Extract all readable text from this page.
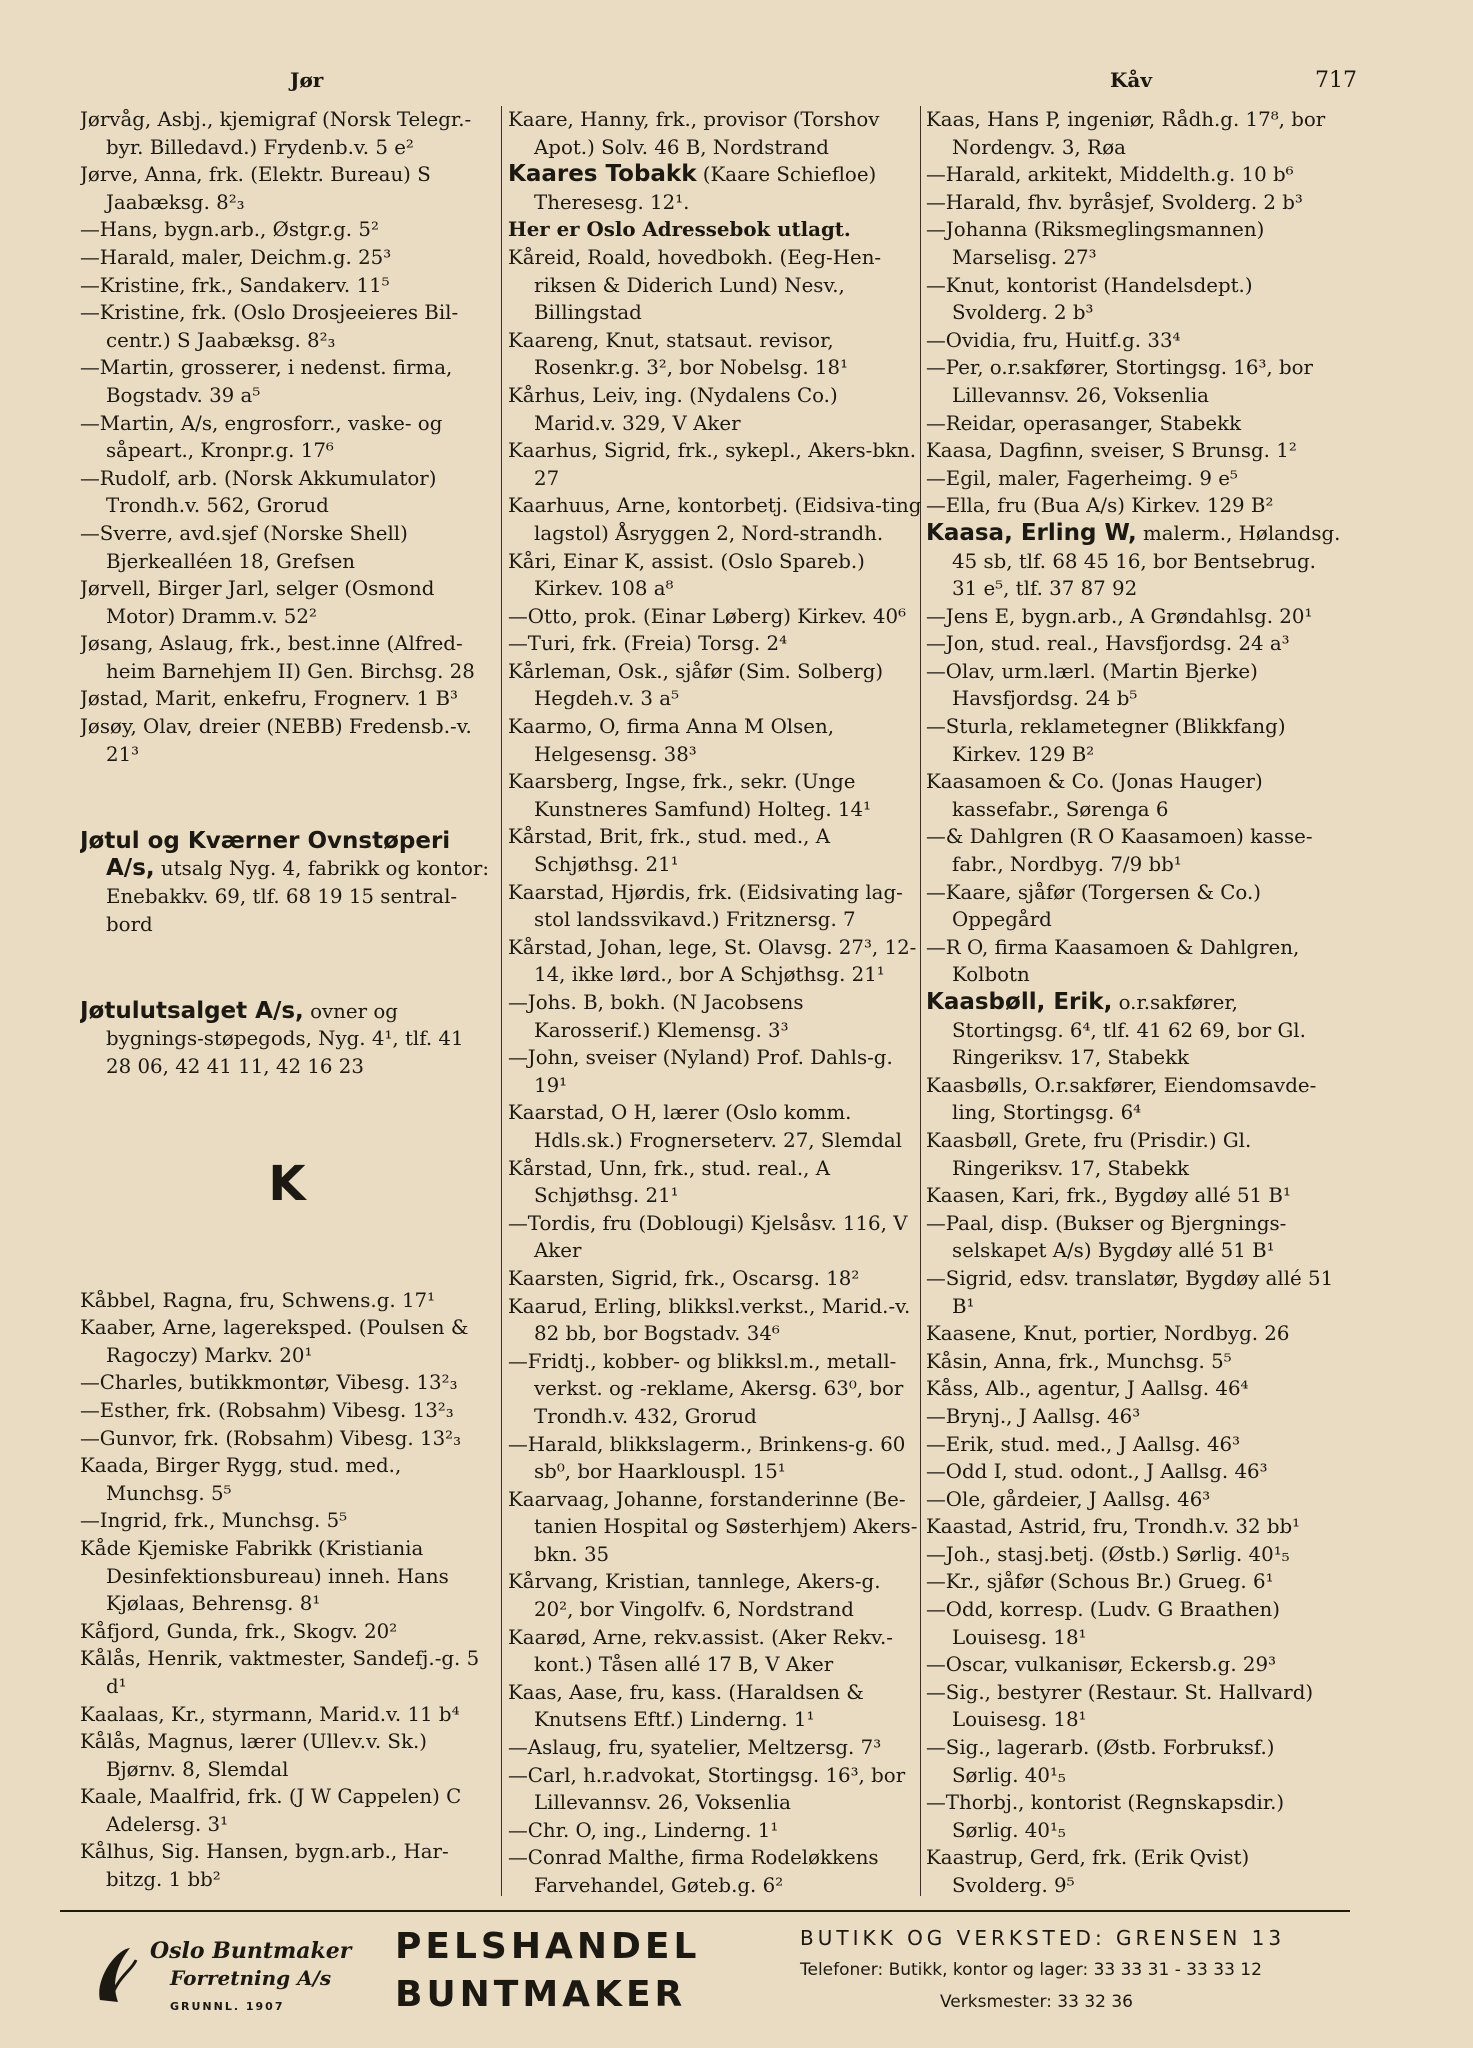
Jør	Kåv	717

Jørvåg, Asbj., kjemigraf (Norsk Telegr.-byr. Billedavd.) Frydenb.v. 5 e²

Jørve, Anna, frk. (Elektr. Bureau) S Jaabæksg. 8²₃

—Hans, bygn.arb., Østgr.g. 5²

—Harald, maler, Deichm.g. 25³

—Kristine, frk., Sandakerv. 11⁵

—Kristine, frk. (Oslo Drosjeeieres Bil-centr.) S Jaabæksg. 8²₃

—Martin, grosserer, i nedenst. firma, Bogstadv. 39 a⁵

—Martin, A/s, engrosforr., vaske- og såpeart., Kronpr.g. 17⁶

—Rudolf, arb. (Norsk Akkumulator) Trondh.v. 562, Grorud

—Sverre, avd.sjef (Norske Shell) Bjerkealléen 18, Grefsen

Jørvell, Birger Jarl, selger (Osmond Motor) Dramm.v. 52²

Jøsang, Aslaug, frk., best.inne (Alfred-heim Barnehjem II) Gen. Birchsg. 28

Jøstad, Marit, enkefru, Frognerv. 1 B³

Jøsøy, Olav, dreier (NEBB) Fredensb.-v. 21³

Jøtul og Kværner Ovnstøperi A/s, utsalg Nyg. 4, fabrikk og kontor: Enebakkv. 69, tlf. 68 19 15 sentral-bord

Jøtulutsalget A/s, ovner og bygnings-støpegods, Nyg. 4¹, tlf. 41 28 06, 42 41 11, 42 16 23

K

Kåbbel, Ragna, fru, Schwens.g. 17¹

Kaaber, Arne, lagereksped. (Poulsen & Ragoczy) Markv. 20¹

—Charles, butikkmontør, Vibesg. 13²₃

—Esther, frk. (Robsahm) Vibesg. 13²₃

—Gunvor, frk. (Robsahm) Vibesg. 13²₃

Kaada, Birger Rygg, stud. med., Munchsg. 5⁵

—Ingrid, frk., Munchsg. 5⁵

Kåde Kjemiske Fabrikk (Kristiania Desinfektionsbureau) inneh. Hans Kjølaas, Behrensg. 8¹

Kåfjord, Gunda, frk., Skogv. 20²

Kålås, Henrik, vaktmester, Sandefj.-g. 5 d¹

Kaalaas, Kr., styrmann, Marid.v. 11 b⁴

Kålås, Magnus, lærer (Ullev.v. Sk.) Bjørnv. 8, Slemdal

Kaale, Maalfrid, frk. (J W Cappelen) C Adelersg. 3¹

Kålhus, Sig. Hansen, bygn.arb., Har-bitzg. 1 bb²

Kaare, Hanny, frk., provisor (Torshov Apot.) Solv. 46 B, Nordstrand

Kaares Tobakk (Kaare Schiefloe) Theresesg. 12¹.

Her er Oslo Adressebok utlagt.

Kåreid, Roald, hovedbokh. (Eeg-Hen-riksen & Diderich Lund) Nesv., Billingstad

Kaareng, Knut, statsaut. revisor, Rosenkr.g. 3², bor Nobelsg. 18¹

Kårhus, Leiv, ing. (Nydalens Co.) Marid.v. 329, V Aker

Kaarhus, Sigrid, frk., sykepl., Akers-bkn. 27

Kaarhuus, Arne, kontorbetj. (Eidsiva-ting lagstol) Åsryggen 2, Nord-strandh.

Kåri, Einar K, assist. (Oslo Spareb.) Kirkev. 108 a⁸

—Otto, prok. (Einar Løberg) Kirkev. 40⁶

—Turi, frk. (Freia) Torsg. 2⁴

Kårleman, Osk., sjåfør (Sim. Solberg) Hegdeh.v. 3 a⁵

Kaarmo, O, firma Anna M Olsen, Helgesensg. 38³

Kaarsberg, Ingse, frk., sekr. (Unge Kunstneres Samfund) Holteg. 14¹

Kårstad, Brit, frk., stud. med., A Schjøthsg. 21¹

Kaarstad, Hjørdis, frk. (Eidsivating lag-stol landssvikavd.) Fritznersg. 7

Kårstad, Johan, lege, St. Olavsg. 27³, 12-14, ikke lørd., bor A Schjøthsg. 21¹

—Johs. B, bokh. (N Jacobsens Karosserif.) Klemensg. 3³

—John, sveiser (Nyland) Prof. Dahls-g. 19¹

Kaarstad, O H, lærer (Oslo komm. Hdls.sk.) Frognerseterv. 27, Slemdal

Kårstad, Unn, frk., stud. real., A Schjøthsg. 21¹

—Tordis, fru (Doblougi) Kjelsåsv. 116, V Aker

Kaarsten, Sigrid, frk., Oscarsg. 18²

Kaarud, Erling, blikksl.verkst., Marid.-v. 82 bb, bor Bogstadv. 34⁶

—Fridtj., kobber- og blikksl.m., metall-verkst. og -reklame, Akersg. 63⁰, bor Trondh.v. 432, Grorud

—Harald, blikkslagerm., Brinkens-g. 60 sb⁰, bor Haarklouspl. 15¹

Kaarvaag, Johanne, forstanderinne (Be-tanien Hospital og Søsterhjem) Akers-bkn. 35

Kårvang, Kristian, tannlege, Akers-g. 20², bor Vingolfv. 6, Nordstrand

Kaarød, Arne, rekv.assist. (Aker Rekv.-kont.) Tåsen allé 17 B, V Aker

Kaas, Aase, fru, kass. (Haraldsen & Knutsens Eftf.) Linderng. 1¹

—Aslaug, fru, syatelier, Meltzersg. 7³

—Carl, h.r.advokat, Stortingsg. 16³, bor Lillevannsv. 26, Voksenlia

—Chr. O, ing., Linderng. 1¹

—Conrad Malthe, firma Rodeløkkens Farvehandel, Gøteb.g. 6²

Kaas, Hans P, ingeniør, Rådh.g. 17⁸, bor Nordengv. 3, Røa

—Harald, arkitekt, Middelth.g. 10 b⁶

—Harald, fhv. byråsjef, Svolderg. 2 b³

—Johanna (Riksmeglingsmannen) Marselisg. 27³

—Knut, kontorist (Handelsdept.) Svolderg. 2 b³

—Ovidia, fru, Huitf.g. 33⁴

—Per, o.r.sakfører, Stortingsg. 16³, bor Lillevannsv. 26, Voksenlia

—Reidar, operasanger, Stabekk

Kaasa, Dagfinn, sveiser, S Brunsg. 1²

—Egil, maler, Fagerheimg. 9 e⁵

—Ella, fru (Bua A/s) Kirkev. 129 B²

Kaasa, Erling W, malerm., Hølandsg. 45 sb, tlf. 68 45 16, bor Bentsebrug. 31 e⁵, tlf. 37 87 92

—Jens E, bygn.arb., A Grøndahlsg. 20¹

—Jon, stud. real., Havsfjordsg. 24 a³

—Olav, urm.lærl. (Martin Bjerke) Havsfjordsg. 24 b⁵

—Sturla, reklametegner (Blikkfang) Kirkev. 129 B²

Kaasamoen & Co. (Jonas Hauger) kassefabr., Sørenga 6

—& Dahlgren (R O Kaasamoen) kasse-fabr., Nordbyg. 7/9 bb¹

—Kaare, sjåfør (Torgersen & Co.) Oppegård

—R O, firma Kaasamoen & Dahlgren, Kolbotn

Kaasbøll, Erik, o.r.sakfører, Stortingsg. 6⁴, tlf. 41 62 69, bor Gl. Ringeriksv. 17, Stabekk

Kaasbølls, O.r.sakfører, Eiendomsavde-ling, Stortingsg. 6⁴

Kaasbøll, Grete, fru (Prisdir.) Gl. Ringeriksv. 17, Stabekk

Kaasen, Kari, frk., Bygdøy allé 51 B¹

—Paal, disp. (Bukser og Bjergnings-selskapet A/s) Bygdøy allé 51 B¹

—Sigrid, edsv. translatør, Bygdøy allé 51 B¹

Kaasene, Knut, portier, Nordbyg. 26

Kåsin, Anna, frk., Munchsg. 5⁵

Kåss, Alb., agentur, J Aallsg. 46⁴

—Brynj., J Aallsg. 46³

—Erik, stud. med., J Aallsg. 46³

—Odd I, stud. odont., J Aallsg. 46³

—Ole, gårdeier, J Aallsg. 46³

Kaastad, Astrid, fru, Trondh.v. 32 bb¹

—Joh., stasj.betj. (Østb.) Sørlig. 40¹₅

—Kr., sjåfør (Schous Br.) Grueg. 6¹

—Odd, korresp. (Ludv. G Braathen) Louisesg. 18¹

—Oscar, vulkanisør, Eckersb.g. 29³

—Sig., bestyrer (Restaur. St. Hallvard) Louisesg. 18¹

—Sig., lagerarb. (Østb. Forbruksf.) Sørlig. 40¹₅

—Thorbj., kontorist (Regnskapsdir.) Sørlig. 40¹₅

Kaastrup, Gerd, frk. (Erik Qvist) Svolderg. 9⁵

Oslo Buntmaker
Forretning A/s
GRUNNL. 1907
PELSHANDEL
BUNTMAKER
BUTIKK OG VERKSTED: GRENSEN 13
Telefoner: Butikk, kontor og lager: 33 33 31 - 33 33 12
Verksmester: 33 32 36
